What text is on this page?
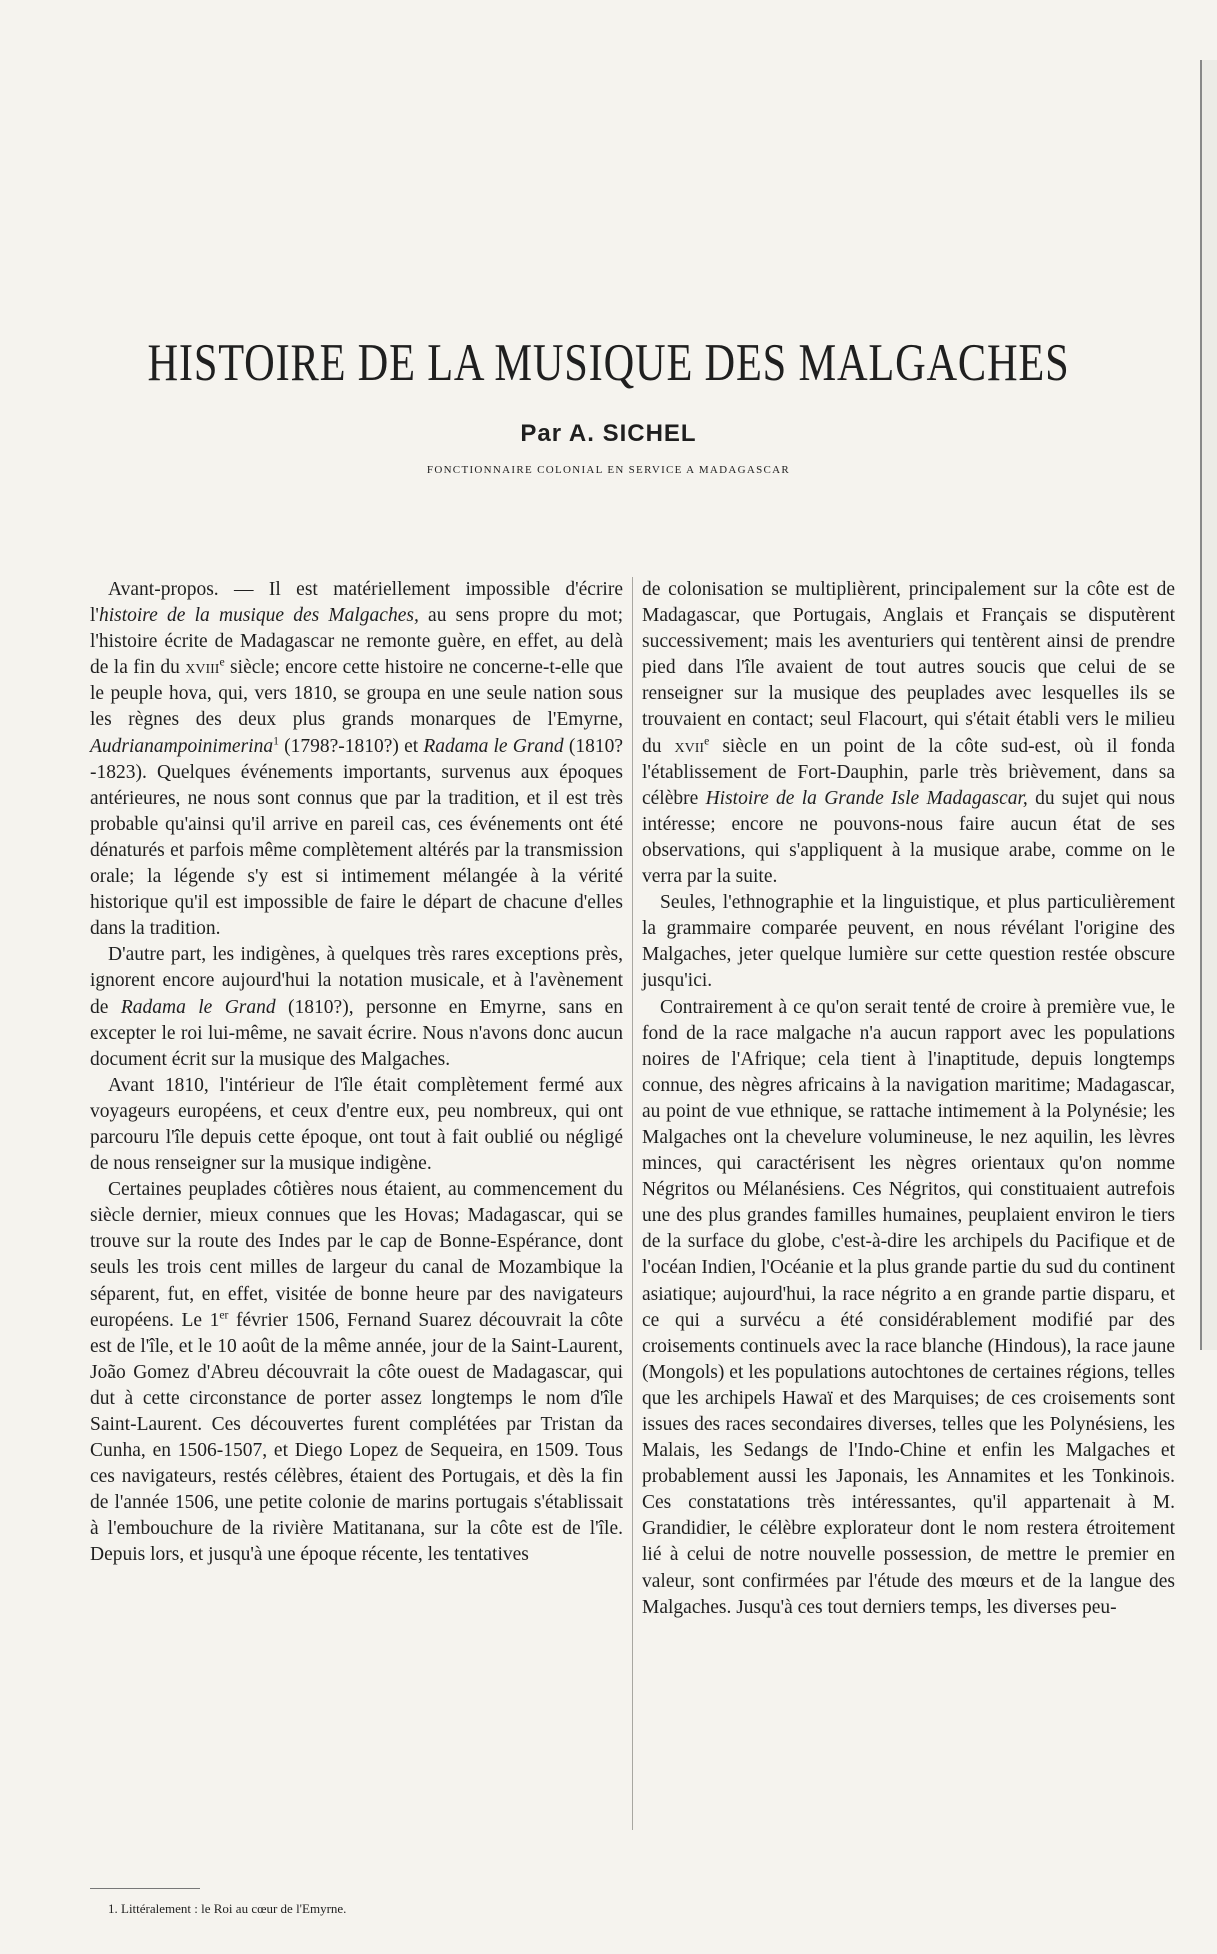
HISTOIRE DE LA MUSIQUE DES MALGACHES
Par A. SICHEL
FONCTIONNAIRE COLONIAL EN SERVICE A MADAGASCAR

Avant-propos. — Il est matériellement impossible d'écrire l'histoire de la musique des Malgaches, au sens propre du mot; l'histoire écrite de Madagascar ne remonte guère, en effet, au delà de la fin du xviii$^e$ siècle; encore cette histoire ne concerne-t-elle que le peuple hova, qui, vers 1810, se groupa en une seule nation sous les règnes des deux plus grands monarques de l'Emyrne, Audrianampoinimerina$^1$ (1798?-1810?) et Radama le Grand (1810?-1823). Quelques événements importants, survenus aux époques antérieures, ne nous sont connus que par la tradition, et il est très probable qu'ainsi qu'il arrive en pareil cas, ces événements ont été dénaturés et parfois même complètement altérés par la transmission orale; la légende s'y est si intimement mélangée à la vérité historique qu'il est impossible de faire le départ de chacune d'elles dans la tradition.

D'autre part, les indigènes, à quelques très rares exceptions près, ignorent encore aujourd'hui la notation musicale, et à l'avènement de Radama le Grand (1810?), personne en Emyrne, sans en excepter le roi lui-même, ne savait écrire. Nous n'avons donc aucun document écrit sur la musique des Malgaches.

Avant 1810, l'intérieur de l'île était complètement fermé aux voyageurs européens, et ceux d'entre eux, peu nombreux, qui ont parcouru l'île depuis cette époque, ont tout à fait oublié ou négligé de nous renseigner sur la musique indigène.

Certaines peuplades côtières nous étaient, au commencement du siècle dernier, mieux connues que les Hovas; Madagascar, qui se trouve sur la route des Indes par le cap de Bonne-Espérance, dont seuls les trois cent milles de largeur du canal de Mozambique la séparent, fut, en effet, visitée de bonne heure par des navigateurs européens. Le 1er février 1506, Fernand Suarez découvrait la côte est de l'île, et le 10 août de la même année, jour de la Saint-Laurent, João Gomez d'Abreu découvrait la côte ouest de Madagascar, qui dut à cette circonstance de porter assez longtemps le nom d'île Saint-Laurent. Ces découvertes furent complétées par Tristan da Cunha, en 1506-1507, et Diego Lopez de Sequeira, en 1509. Tous ces navigateurs, restés célèbres, étaient des Portugais, et dès la fin de l'année 1506, une petite colonie de marins portugais s'établissait à l'embouchure de la rivière Matitanana, sur la côte est de l'île. Depuis lors, et jusqu'à une époque récente, les tentatives

de colonisation se multiplièrent, principalement sur la côte est de Madagascar, que Portugais, Anglais et Français se disputèrent successivement; mais les aventuriers qui tentèrent ainsi de prendre pied dans l'île avaient de tout autres soucis que celui de se renseigner sur la musique des peuplades avec lesquelles ils se trouvaient en contact; seul Flacourt, qui s'était établi vers le milieu du xvii$^e$ siècle en un point de la côte sud-est, où il fonda l'établissement de Fort-Dauphin, parle très brièvement, dans sa célèbre Histoire de la Grande Isle Madagascar, du sujet qui nous intéresse; encore ne pouvons-nous faire aucun état de ses observations, qui s'appliquent à la musique arabe, comme on le verra par la suite.

Seules, l'ethnographie et la linguistique, et plus particulièrement la grammaire comparée peuvent, en nous révélant l'origine des Malgaches, jeter quelque lumière sur cette question restée obscure jusqu'ici.

Contrairement à ce qu'on serait tenté de croire à première vue, le fond de la race malgache n'a aucun rapport avec les populations noires de l'Afrique; cela tient à l'inaptitude, depuis longtemps connue, des nègres africains à la navigation maritime; Madagascar, au point de vue ethnique, se rattache intimement à la Polynésie; les Malgaches ont la chevelure volumineuse, le nez aquilin, les lèvres minces, qui caractérisent les nègres orientaux qu'on nomme Négritos ou Mélanésiens. Ces Négritos, qui constituaient autrefois une des plus grandes familles humaines, peuplaient environ le tiers de la surface du globe, c'est-à-dire les archipels du Pacifique et de l'océan Indien, l'Océanie et la plus grande partie du sud du continent asiatique; aujourd'hui, la race négrito a en grande partie disparu, et ce qui a survécu a été considérablement modifié par des croisements continuels avec la race blanche (Hindous), la race jaune (Mongols) et les populations autochtones de certaines régions, telles que les archipels Hawaï et des Marquises; de ces croisements sont issues des races secondaires diverses, telles que les Polynésiens, les Malais, les Sedangs de l'Indo-Chine et enfin les Malgaches et probablement aussi les Japonais, les Annamites et les Tonkinois. Ces constatations très intéressantes, qu'il appartenait à M. Grandidier, le célèbre explorateur dont le nom restera étroitement lié à celui de notre nouvelle possession, de mettre le premier en valeur, sont confirmées par l'étude des mœurs et de la langue des Malgaches. Jusqu'à ces tout derniers temps, les diverses peu-

1. Littéralement : le Roi au cœur de l'Emyrne.
